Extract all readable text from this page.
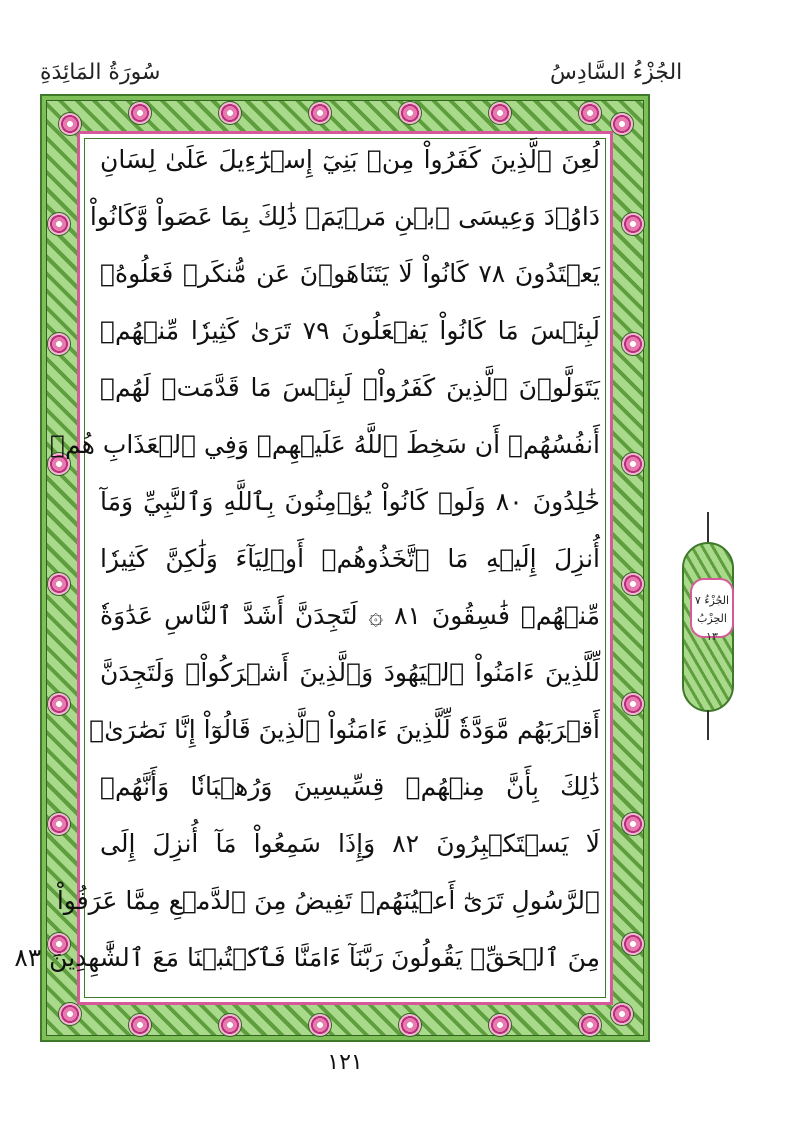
الجُزْءُ السَّادِسُ
سُورَةُ المَائِدَةِ
لُعِنَ ٱلَّذِينَ كَفَرُواْ مِنۢ بَنِيٓ إِسۡرَٰٓءِيلَ عَلَىٰ لِسَانِ
دَاوُۥدَ وَعِيسَى ٱبۡنِ مَرۡيَمَۚ ذَٰلِكَ بِمَا عَصَواْ وَّكَانُواْ
يَعۡتَدُونَ ٧٨ كَانُواْ لَا يَتَنَاهَوۡنَ عَن مُّنكَرٖ فَعَلُوهُۚ
لَبِئۡسَ مَا كَانُواْ يَفۡعَلُونَ ٧٩ تَرَىٰ كَثِيرٗا مِّنۡهُمۡ
يَتَوَلَّوۡنَ ٱلَّذِينَ كَفَرُواْۚ لَبِئۡسَ مَا قَدَّمَتۡ لَهُمۡ
أَنفُسُهُمۡ أَن سَخِطَ ٱللَّهُ عَلَيۡهِمۡ وَفِي ٱلۡعَذَابِ هُمۡ
خَٰلِدُونَ ٨٠ وَلَوۡ كَانُواْ يُؤۡمِنُونَ بِٱللَّهِ وَٱلنَّبِيِّ وَمَآ
أُنزِلَ إِلَيۡهِ مَا ٱتَّخَذُوهُمۡ أَوۡلِيَآءَ وَلَٰكِنَّ كَثِيرٗا
مِّنۡهُمۡ فَٰسِقُونَ ٨١ ۞ لَتَجِدَنَّ أَشَدَّ ٱلنَّاسِ عَدَٰوَةٗ
لِّلَّذِينَ ءَامَنُواْ ٱلۡيَهُودَ وَٱلَّذِينَ أَشۡرَكُواْۖ وَلَتَجِدَنَّ
أَقۡرَبَهُم مَّوَدَّةٗ لِّلَّذِينَ ءَامَنُواْ ٱلَّذِينَ قَالُوٓاْ إِنَّا نَصَٰرَىٰۚ
ذَٰلِكَ بِأَنَّ مِنۡهُمۡ قِسِّيسِينَ وَرُهۡبَانٗا وَأَنَّهُمۡ
لَا يَسۡتَكۡبِرُونَ ٨٢ وَإِذَا سَمِعُواْ مَآ أُنزِلَ إِلَى
ٱلرَّسُولِ تَرَىٰٓ أَعۡيُنَهُمۡ تَفِيضُ مِنَ ٱلدَّمۡعِ مِمَّا عَرَفُواْ
مِنَ ٱلۡحَقِّۖ يَقُولُونَ رَبَّنَآ ءَامَنَّا فَٱكۡتُبۡنَا مَعَ ٱلشَّٰهِدِينَ ٨٣
الجُزْءُ ٧
الحِزْبُ ١٣
١٢١
